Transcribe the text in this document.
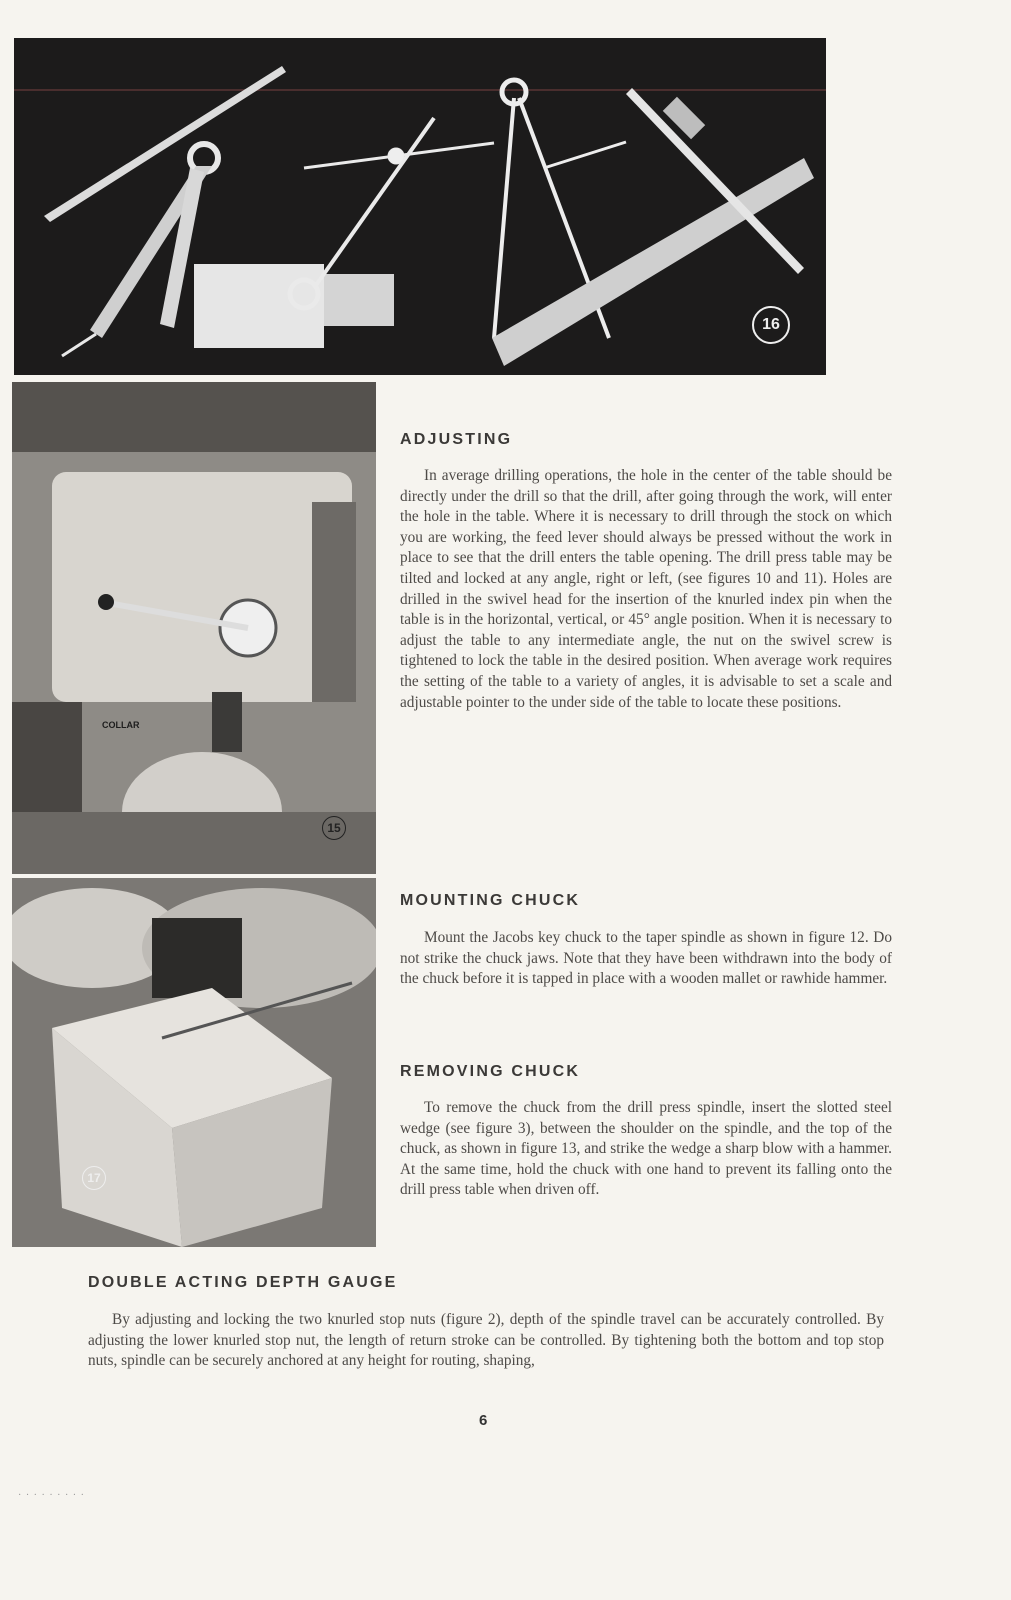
16
COLLAR
15
17
ADJUSTING

In average drilling operations, the hole in the center of the table should be directly under the drill so that the drill, after going through the work, will enter the hole in the table. Where it is necessary to drill through the stock on which you are working, the feed lever should always be pressed without the work in place to see that the drill enters the table opening. The drill press table may be tilted and locked at any angle, right or left, (see figures 10 and 11). Holes are drilled in the swivel head for the insertion of the knurled index pin when the table is in the horizontal, vertical, or 45° angle position. When it is necessary to adjust the table to any intermediate angle, the nut on the swivel screw is tightened to lock the table in the desired position. When average work requires the setting of the table to a variety of angles, it is advisable to set a scale and adjustable pointer to the under side of the table to locate these positions.

MOUNTING CHUCK

Mount the Jacobs key chuck to the taper spindle as shown in figure 12. Do not strike the chuck jaws. Note that they have been withdrawn into the body of the chuck before it is tapped in place with a wooden mallet or rawhide hammer.

REMOVING CHUCK

To remove the chuck from the drill press spindle, insert the slotted steel wedge (see figure 3), between the shoulder on the spindle, and the top of the chuck, as shown in figure 13, and strike the wedge a sharp blow with a hammer. At the same time, hold the chuck with one hand to prevent its falling onto the drill press table when driven off.

DOUBLE ACTING DEPTH GAUGE

By adjusting and locking the two knurled stop nuts (figure 2), depth of the spindle travel can be accurately controlled. By adjusting the lower knurled stop nut, the length of return stroke can be controlled. By tightening both the bottom and top stop nuts, spindle can be securely anchored at any height for routing, shaping,

6
· · · · · · · · ·
